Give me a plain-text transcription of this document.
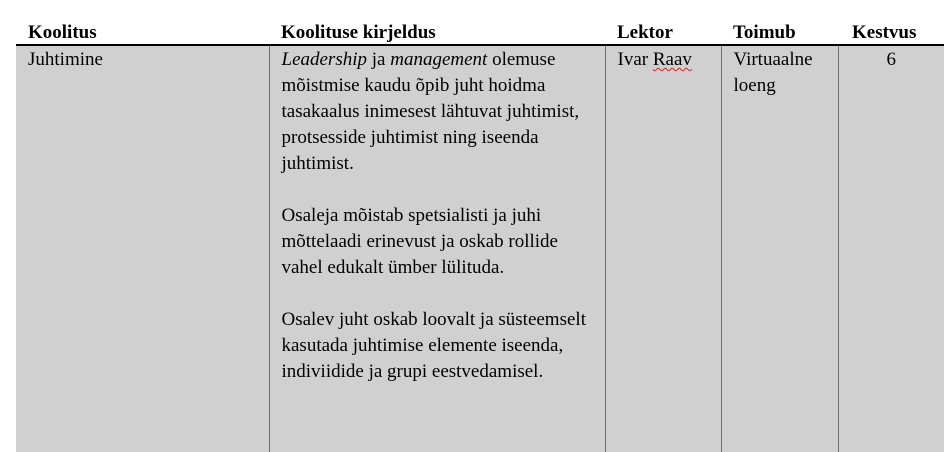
Koolitus	Koolituse kirjeldus	Lektor	Toimub	Kestvus
Juhtimine	Leadership ja management olemuse mõistmise kaudu õpib juht hoidma tasakaalus inimesest lähtuvat juhtimist, protsesside juhtimist ning iseenda juhtimist.

Osaleja mõistab spetsialisti ja juhi mõttelaadi erinevust ja oskab rollide vahel edukalt ümber lülituda.

Osalev juht oskab loovalt ja süsteemselt kasutada juhtimise elemente iseenda, indiviidide ja grupi eestvedamisel.	Ivar Raav	Virtuaalne loeng	6
